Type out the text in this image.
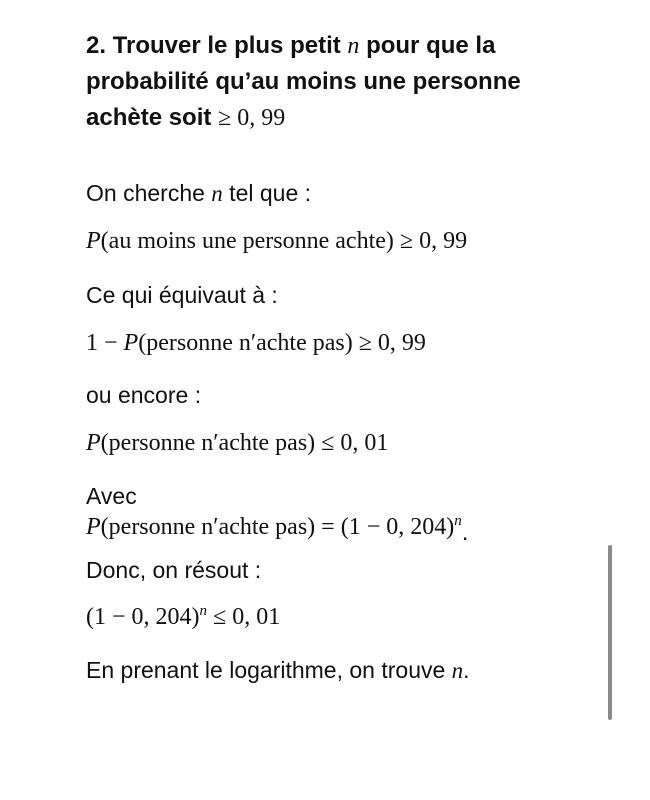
2. Trouver le plus petit n pour que la probabilité qu’au moins une personne achète soit ≥ 0, 99

On cherche n tel que :

P(au moins une personne achte) ≥ 0, 99

Ce qui équivaut à :

1 − P(personne n′achte pas) ≥ 0, 99

ou encore :

P(personne n′achte pas) ≤ 0, 01

Avec

P(personne n′achte pas) = (1 − 0, 204)$^n$.

Donc, on résout :

(1 − 0, 204)$^n$ ≤ 0, 01

En prenant le logarithme, on trouve n.
